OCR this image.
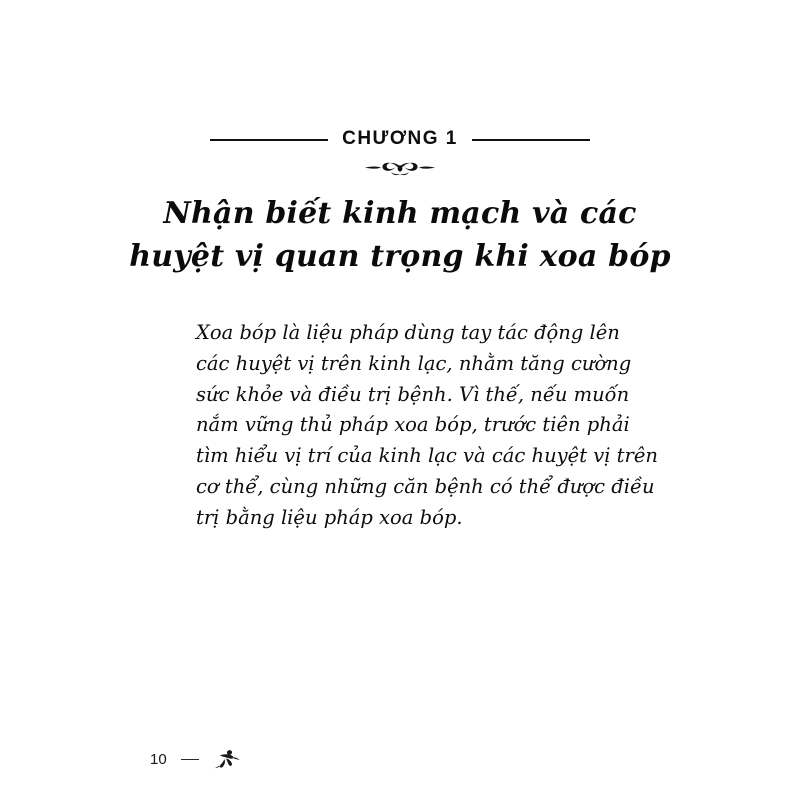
CHƯƠNG 1
Nhận biết kinh mạch và các
huyệt vị quan trọng khi xoa bóp

Xoa bóp là liệu pháp dùng tay tác động lên
các huyệt vị trên kinh lạc, nhằm tăng cường
sức khỏe và điều trị bệnh. Vì thế, nếu muốn
nắm vững thủ pháp xoa bóp, trước tiên phải
tìm hiểu vị trí của kinh lạc và các huyệt vị trên
cơ thể, cùng những căn bệnh có thể được điều
trị bằng liệu pháp xoa bóp.

10
